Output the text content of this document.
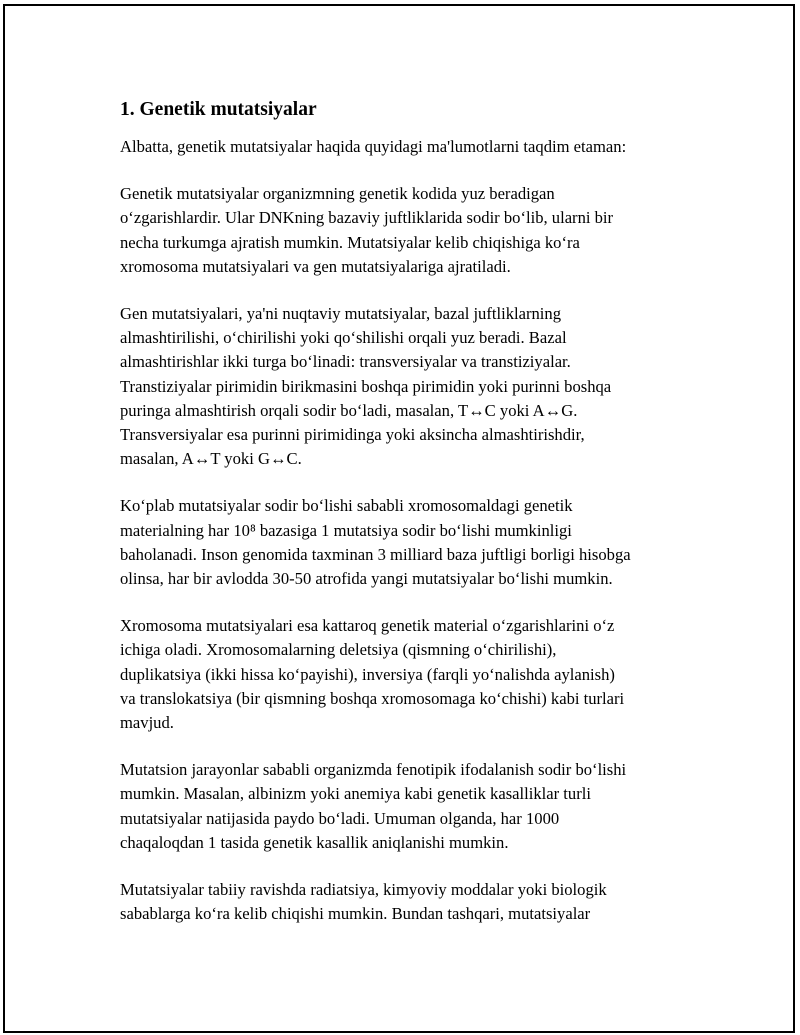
1. Genetik mutatsiyalar

Albatta, genetik mutatsiyalar haqida quyidagi ma'lumotlarni taqdim etaman:

Genetik mutatsiyalar organizmning genetik kodida yuz beradigan
o‘zgarishlardir. Ular DNKning bazaviy juftliklarida sodir bo‘lib, ularni bir
necha turkumga ajratish mumkin. Mutatsiyalar kelib chiqishiga ko‘ra
xromosoma mutatsiyalari va gen mutatsiyalariga ajratiladi.

Gen mutatsiyalari, ya'ni nuqtaviy mutatsiyalar, bazal juftliklarning
almashtirilishi, o‘chirilishi yoki qo‘shilishi orqali yuz beradi. Bazal
almashtirishlar ikki turga bo‘linadi: transversiyalar va transtiziyalar.
Transtiziyalar pirimidin birikmasini boshqa pirimidin yoki purinni boshqa
puringa almashtirish orqali sodir bo‘ladi, masalan, T↔C yoki A↔G.
Transversiyalar esa purinni pirimidinga yoki aksincha almashtirishdir,
masalan, A↔T yoki G↔C.

Ko‘plab mutatsiyalar sodir bo‘lishi sababli xromosomaldagi genetik
materialning har 10⁸ bazasiga 1 mutatsiya sodir bo‘lishi mumkinligi
baholanadi. Inson genomida taxminan 3 milliard baza juftligi borligi hisobga
olinsa, har bir avlodda 30-50 atrofida yangi mutatsiyalar bo‘lishi mumkin.

Xromosoma mutatsiyalari esa kattaroq genetik material o‘zgarishlarini o‘z
ichiga oladi. Xromosomalarning deletsiya (qismning o‘chirilishi),
duplikatsiya (ikki hissa ko‘payishi), inversiya (farqli yo‘nalishda aylanish)
va translokatsiya (bir qismning boshqa xromosomaga ko‘chishi) kabi turlari
mavjud.

Mutatsion jarayonlar sababli organizmda fenotipik ifodalanish sodir bo‘lishi
mumkin. Masalan, albinizm yoki anemiya kabi genetik kasalliklar turli
mutatsiyalar natijasida paydo bo‘ladi. Umuman olganda, har 1000
chaqaloqdan 1 tasida genetik kasallik aniqlanishi mumkin.

Mutatsiyalar tabiiy ravishda radiatsiya, kimyoviy moddalar yoki biologik
sabablarga ko‘ra kelib chiqishi mumkin. Bundan tashqari, mutatsiyalar
